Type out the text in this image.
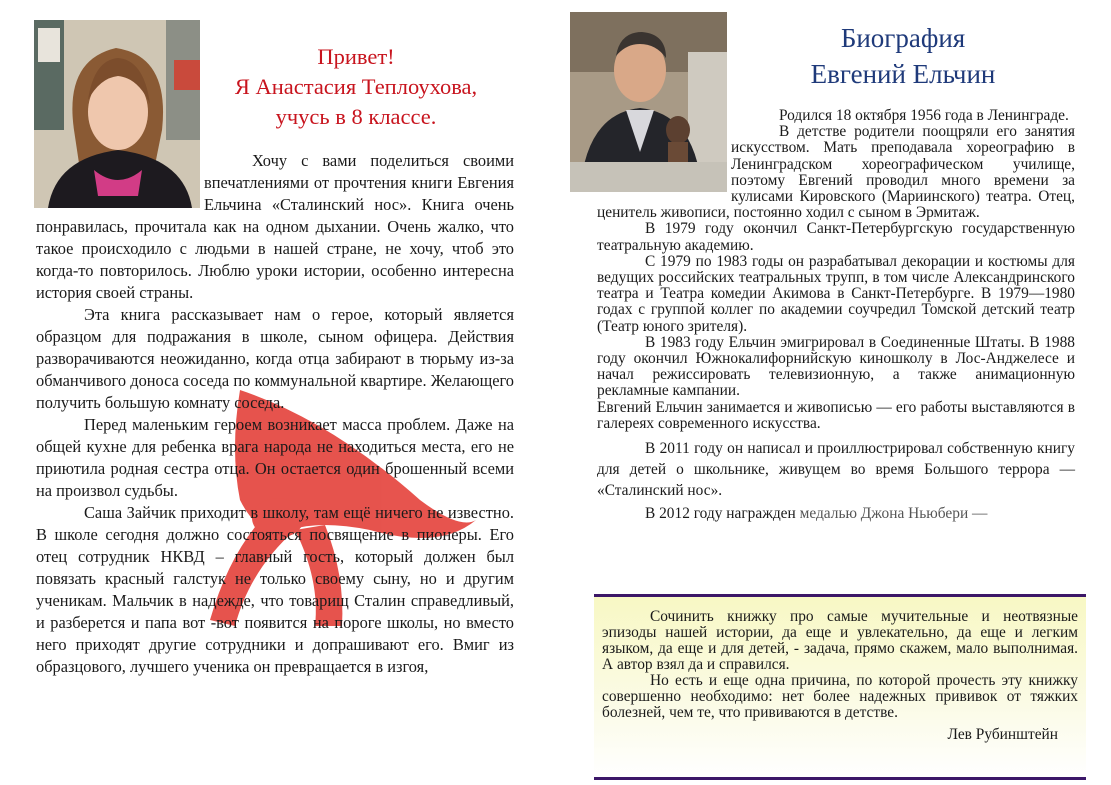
Привет!
Я Анастасия Теплоухова,
учусь в 8 классе.

Хочу с вами поделиться своими впечатлениями от прочтения книги Евгения Ельчина «Сталинский нос». Книга очень понравилась, прочитала как на одном дыхании. Очень жалко, что такое происходило с людьми в нашей стране, не хочу, чтоб это когда-то повторилось. Люблю уроки истории, особенно интересна история своей страны.

Эта книга рассказывает нам о герое, который является образцом для подражания в школе, сыном офицера. Действия разворачиваются неожиданно, когда отца забирают в тюрьму из-за обманчивого доноса соседа по коммунальной квартире. Желающего получить большую комнату соседа.

Перед маленьким героем возникает масса проблем. Даже на общей кухне для ребенка врага народа не находиться места, его не приютила родная сестра отца. Он остается один брошенный всеми на произвол судьбы.

Саша Зайчик приходит в школу, там ещё ничего не известно. В школе сегодня должно состояться посвящение в пионеры. Его отец сотрудник НКВД – главный гость, который должен был повязать красный галстук не только своему сыну, но и другим ученикам. Мальчик в надежде, что товарищ Сталин справедливый, и разберется и папа вот -вот появится на пороге школы, но вместо него приходят другие сотрудники и допрашивают его. Вмиг из образцового, лучшего ученика он превращается в изгоя,

Биография
Евгений Ельчин

Родился 18 октября 1956 года в Ленинграде.

В детстве родители поощряли его занятия искусством. Мать преподавала хореографию в Ленинградском хореографическом училище, поэтому Евгений проводил много времени за кулисами Кировского (Мариинского) театра. Отец, ценитель живописи, постоянно ходил с сыном в Эрмитаж.

В 1979 году окончил Санкт-Петербургскую государственную театральную академию.

С 1979 по 1983 годы он разрабатывал декорации и костюмы для ведущих российских театральных трупп, в том числе Александринского театра и Театра комедии Акимова в Санкт-Петербурге. В 1979—1980 годах с группой коллег по академии соучредил Томской детский театр (Театр юного зрителя).

В 1983 году Ельчин эмигрировал в Соединенные Штаты. В 1988 году окончил Южнокалифорнийскую киношколу в Лос-Анджелесе и начал режиссировать телевизионную, а также анимационную рекламные кампании.

Евгений Ельчин занимается и живописью — его работы выставляются в галереях современного искусства.

В 2011 году он написал и проиллюстрировал собственную книгу для детей о школьнике, живущем во время Большого террора — «Сталинский нос».

В 2012 году награжден медалью Джона Ньюбери —

Сочинить книжку про самые мучительные и неотвязные эпизоды нашей истории, да еще и увлекательно, да еще и легким языком, да еще и для детей, - задача, прямо скажем, мало выполнимая. А автор взял да и справился.

Но есть и еще одна причина, по которой прочесть эту книжку совершенно необходимо: нет более надежных прививок от тяжких болезней, чем те, что прививаются в детстве.

Лев Рубинштейн
